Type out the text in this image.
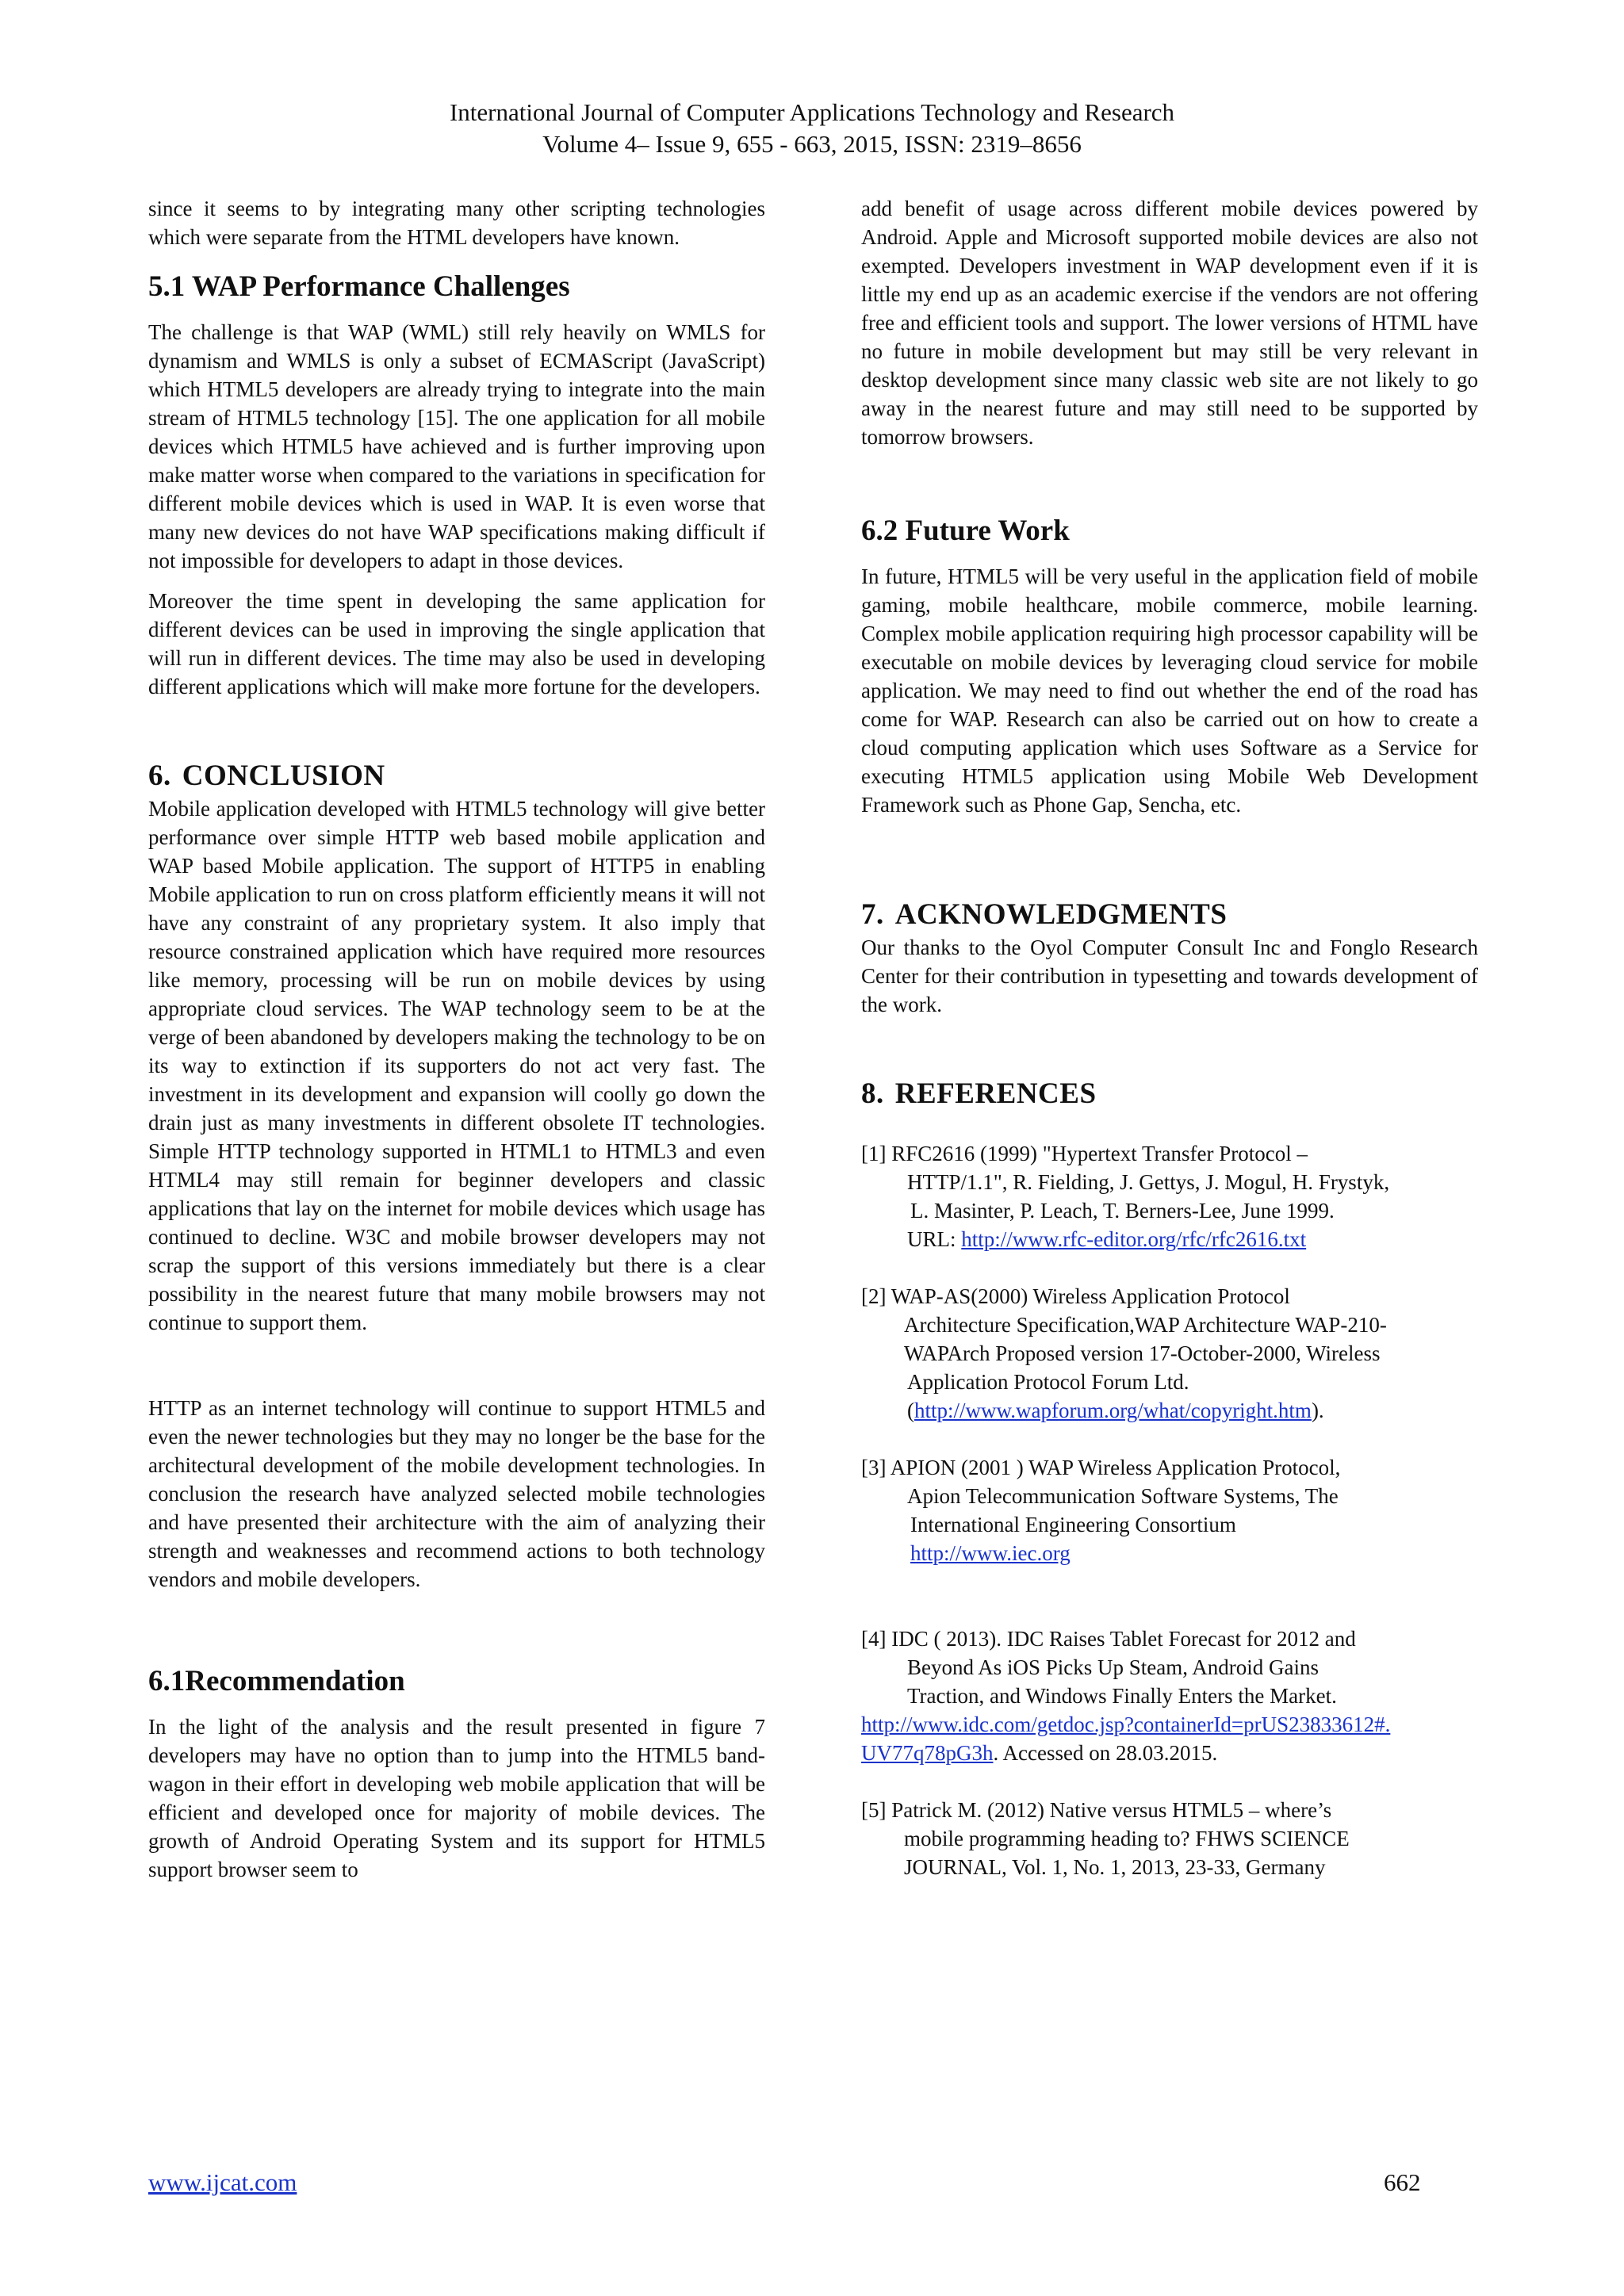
International Journal of Computer Applications Technology and Research
Volume 4– Issue 9, 655 - 663, 2015, ISSN: 2319–8656

since it seems to by integrating many other scripting technologies which were separate from the HTML developers have known.

5.1 WAP Performance Challenges

The challenge is that WAP (WML) still rely heavily on WMLS for dynamism and WMLS is only a subset of ECMAScript (JavaScript) which HTML5 developers are already trying to integrate into the main stream of HTML5 technology [15]. The one application for all mobile devices which HTML5 have achieved and is further improving upon make matter worse when compared to the variations in specification for different mobile devices which is used in WAP. It is even worse that many new devices do not have WAP specifications making difficult if not impossible for developers to adapt in those devices.

Moreover the time spent in developing the same application for different devices can be used in improving the single application that will run in different devices. The time may also be used in developing different applications which will make more fortune for the developers.

6. CONCLUSION

Mobile application developed with HTML5 technology will give better performance over simple HTTP web based mobile application and WAP based Mobile application. The support of HTTP5 in enabling Mobile application to run on cross platform efficiently means it will not have any constraint of any proprietary system. It also imply that resource constrained application which have required more resources like memory, processing will be run on mobile devices by using appropriate cloud services. The WAP technology seem to be at the verge of been abandoned by developers making the technology to be on its way to extinction if its supporters do not act very fast. The investment in its development and expansion will coolly go down the drain just as many investments in different obsolete IT technologies. Simple HTTP technology supported in HTML1 to HTML3 and even HTML4 may still remain for beginner developers and classic applications that lay on the internet for mobile devices which usage has continued to decline. W3C and mobile browser developers may not scrap the support of this versions immediately but there is a clear possibility in the nearest future that many mobile browsers may not continue to support them.

HTTP as an internet technology will continue to support HTML5 and even the newer technologies but they may no longer be the base for the architectural development of the mobile development technologies. In conclusion the research have analyzed selected mobile technologies and have presented their architecture with the aim of analyzing their strength and weaknesses and recommend actions to both technology vendors and mobile developers.

6.1Recommendation

In the light of the analysis and the result presented in figure 7 developers may have no option than to jump into the HTML5 band-wagon in their effort in developing web mobile application that will be efficient and developed once for majority of mobile devices. The growth of Android Operating System and its support for HTML5 support browser seem to

add benefit of usage across different mobile devices powered by Android. Apple and Microsoft supported mobile devices are also not exempted. Developers investment in WAP development even if it is little my end up as an academic exercise if the vendors are not offering free and efficient tools and support. The lower versions of HTML have no future in mobile development but may still be very relevant in desktop development since many classic web site are not likely to go away in the nearest future and may still need to be supported by tomorrow browsers.

6.2 Future Work

In future, HTML5 will be very useful in the application field of mobile gaming, mobile healthcare, mobile commerce, mobile learning. Complex mobile application requiring high processor capability will be executable on mobile devices by leveraging cloud service for mobile application. We may need to find out whether the end of the road has come for WAP. Research can also be carried out on how to create a cloud computing application which uses Software as a Service for executing HTML5 application using Mobile Web Development Framework such as Phone Gap, Sencha, etc.

7. ACKNOWLEDGMENTS

Our thanks to the Oyol Computer Consult Inc and Fonglo Research Center for their contribution in typesetting and towards development of the work.

8. REFERENCES
[1] RFC2616 (1999) "Hypertext Transfer Protocol –
HTTP/1.1", R. Fielding, J. Gettys, J. Mogul, H. Frystyk,
L. Masinter, P. Leach, T. Berners-Lee, June 1999.
URL: http://www.rfc-editor.org/rfc/rfc2616.txt
[2] WAP-AS(2000) Wireless Application Protocol
Architecture Specification,WAP Architecture WAP-210-
WAPArch Proposed version 17-October-2000, Wireless
Application Protocol Forum Ltd.
(http://www.wapforum.org/what/copyright.htm).
[3] APION (2001 ) WAP Wireless Application Protocol,
Apion Telecommunication Software Systems, The
International Engineering Consortium
http://www.iec.org
[4] IDC ( 2013). IDC Raises Tablet Forecast for 2012 and
Beyond As iOS Picks Up Steam, Android Gains
Traction, and Windows Finally Enters the Market.
http://www.idc.com/getdoc.jsp?containerId=prUS23833612#.
UV77q78pG3h. Accessed on 28.03.2015.
[5] Patrick M. (2012) Native versus HTML5 – where’s
mobile programming heading to? FHWS SCIENCE
JOURNAL, Vol. 1, No. 1, 2013, 23-33, Germany
www.ijcat.com	662
